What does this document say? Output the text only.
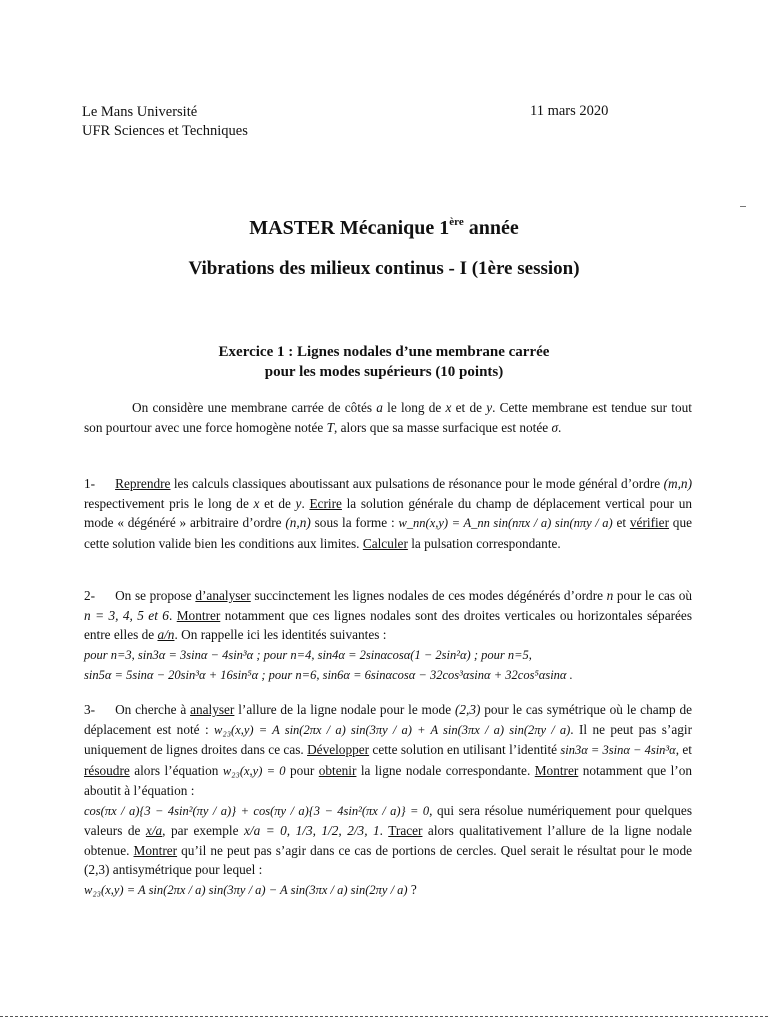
Le Mans Université
UFR Sciences et Techniques
11 mars 2020
MASTER Mécanique 1ère année
Vibrations des milieux continus - I (1ère session)
Exercice 1 : Lignes nodales d’une membrane carrée
pour les modes supérieurs (10 points)
On considère une membrane carrée de côtés a le long de x et de y. Cette membrane est tendue sur tout son pourtour avec une force homogène notée T, alors que sa masse surfacique est notée σ.
1- Reprendre les calculs classiques aboutissant aux pulsations de résonance pour le mode général d’ordre (m,n) respectivement pris le long de x et de y. Ecrire la solution générale du champ de déplacement vertical pour un mode « dégénéré » arbitraire d’ordre (n,n) sous la forme : w_nn(x,y) = A_nn sin(nπx / a) sin(nπy / a) et vérifier que cette solution valide bien les conditions aux limites. Calculer la pulsation correspondante.
2- On se propose d’analyser succinctement les lignes nodales de ces modes dégénérés d’ordre n pour le cas où n = 3, 4, 5 et 6. Montrer notamment que ces lignes nodales sont des droites verticales ou horizontales séparées entre elles de a/n. On rappelle ici les identités suivantes :
pour n=3, sin3α = 3sinα − 4sin³α ; pour n=4, sin4α = 2sinαcosα(1 − 2sin²α) ; pour n=5,
sin5α = 5sinα − 20sin³α + 16sin⁵α ; pour n=6, sin6α = 6sinαcosα − 32cos³αsinα + 32cos⁵αsinα .
3- On cherche à analyser l’allure de la ligne nodale pour le mode (2,3) pour le cas symétrique où le champ de déplacement est noté : w₂₃(x,y) = A sin(2πx / a) sin(3πy / a) + A sin(3πx / a) sin(2πy / a). Il ne peut pas s’agir uniquement de lignes droites dans ce cas. Développer cette solution en utilisant l’identité sin3α = 3sinα − 4sin³α, et résoudre alors l’équation w₂₃(x,y) = 0 pour obtenir la ligne nodale correspondante. Montrer notamment que l’on aboutit à l’équation :
cos(πx / a){3 − 4sin²(πy / a)} + cos(πy / a){3 − 4sin²(πx / a)} = 0, qui sera résolue numériquement pour quelques valeurs de x/a, par exemple x/a = 0, 1/3, 1/2, 2/3, 1. Tracer alors qualitativement l’allure de la ligne nodale obtenue. Montrer qu’il ne peut pas s’agir dans ce cas de portions de cercles. Quel serait le résultat pour le mode (2,3) antisymétrique pour lequel :
w₂₃(x,y) = A sin(2πx / a) sin(3πy / a) − A sin(3πx / a) sin(2πy / a) ?
